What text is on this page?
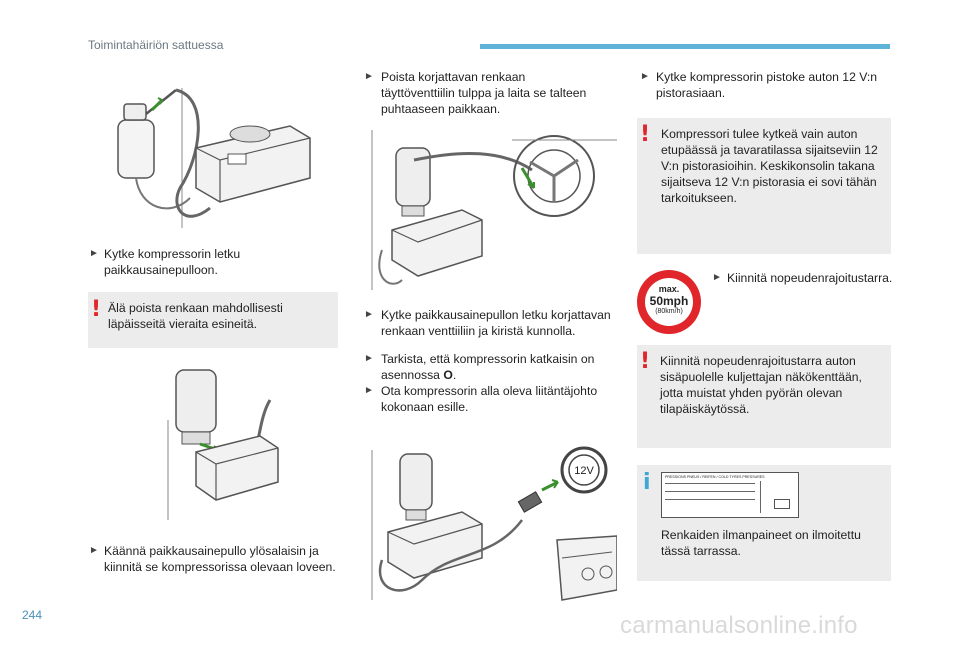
Toimintahäiriön sattuessa
► Kytke kompressorin letku paikkausainepulloon.
! Älä poista renkaan mahdollisesti läpäisseitä vieraita esineitä.
► Käännä paikkausainepullo ylösalaisin ja kiinnitä se kompressorissa olevaan loveen.
► Poista korjattavan renkaan täyttöventtiilin tulppa ja laita se talteen puhtaaseen paikkaan.
► Kytke paikkausainepullon letku korjattavan renkaan venttiiliin ja kiristä kunnolla.
► Tarkista, että kompressorin katkaisin on asennossa O.
► Ota kompressorin alla oleva liitäntäjohto kokonaan esille.
12V
► Kytke kompressorin pistoke auton 12 V:n pistorasiaan.
! Kompressori tulee kytkeä vain auton etupäässä ja tavaratilassa sijaitseviin 12 V:n pistorasioihin. Keskikonsolin takana sijaitseva 12 V:n pistorasia ei sovi tähän tarkoitukseen.
max.
50mph
(80km/h)
► Kiinnitä nopeudenrajoitustarra.
! Kiinnitä nopeudenrajoitustarra auton sisäpuolelle kuljettajan näkökenttään, jotta muistat yhden pyörän olevan tilapäiskäytössä.
i	PRESSIONS PNEUS / REIFEN / COLD TYRES PRESSURES
Renkaiden ilmanpaineet on ilmoitettu tässä tarrassa.
244	carmanualsonline.info
